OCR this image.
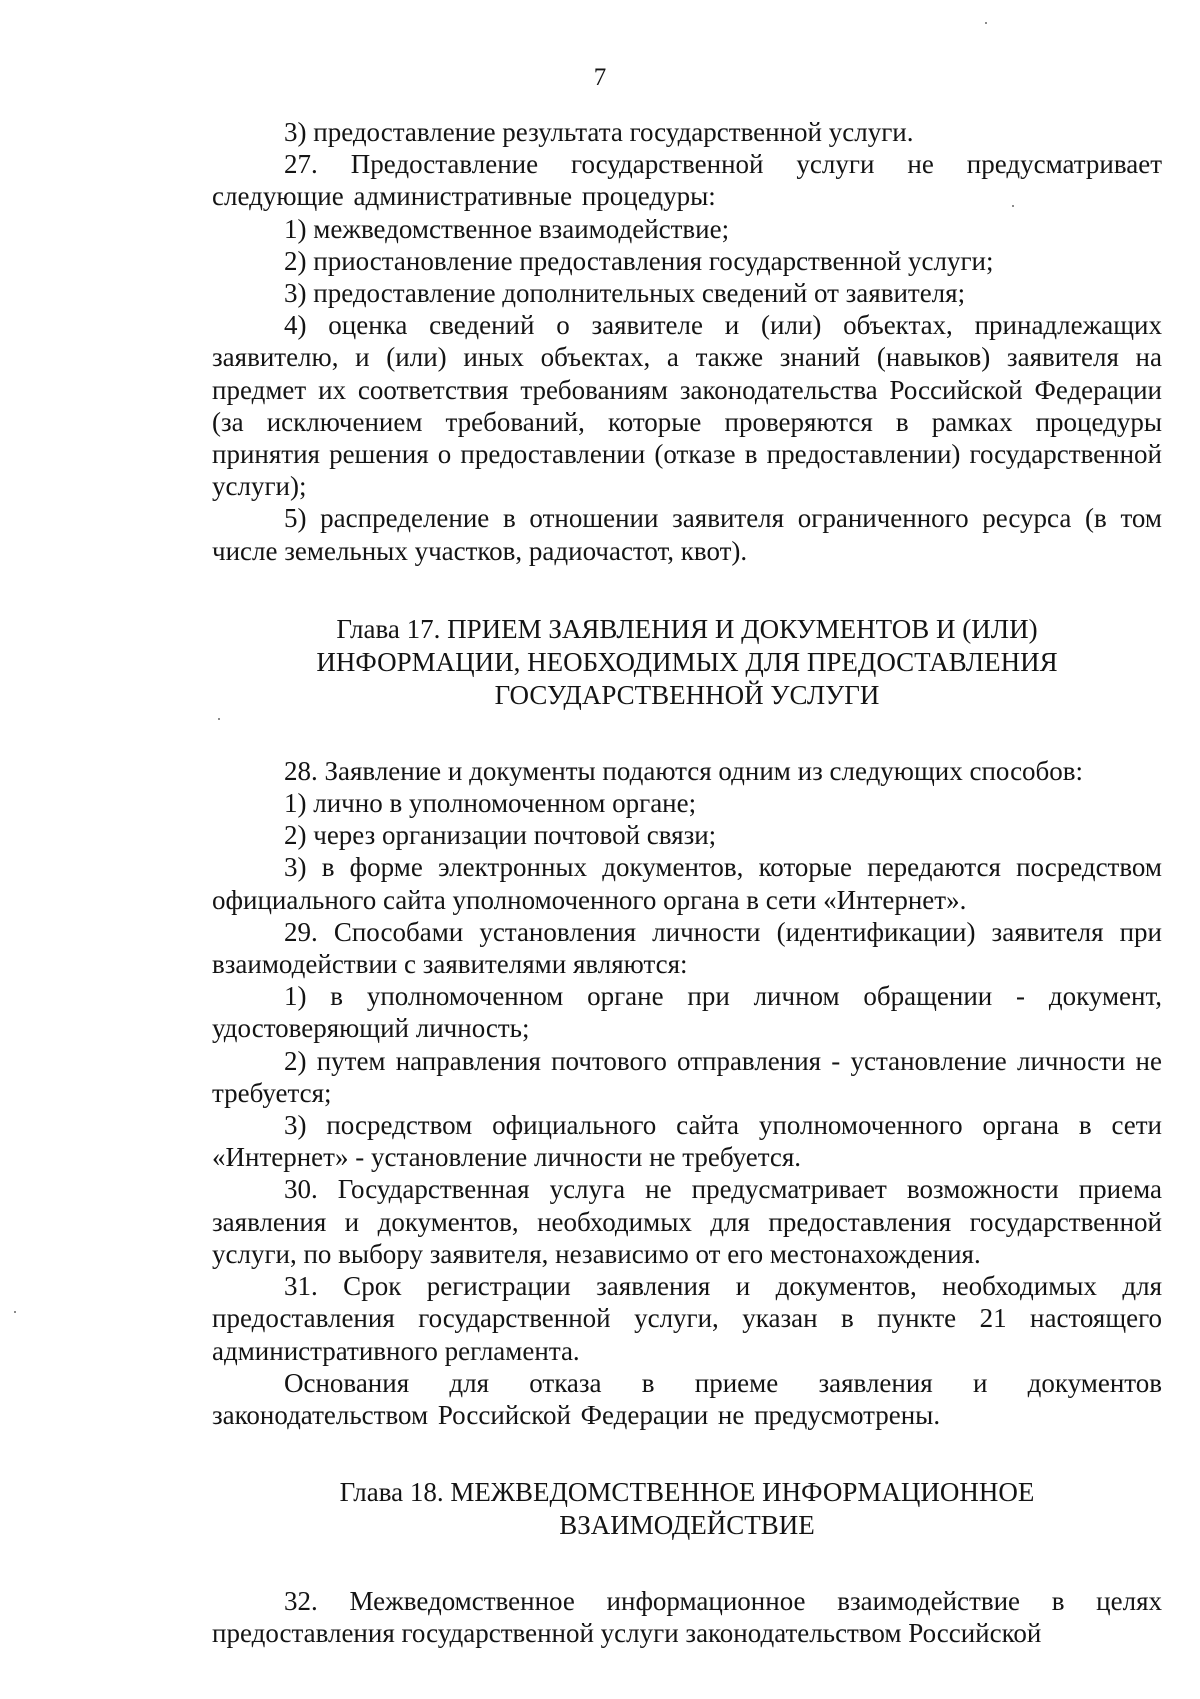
7

3) предоставление результата государственной услуги.

27. Предоставление государственной услуги не предусматривает следующие административные процедуры:

1) межведомственное взаимодействие;

2) приостановление предоставления государственной услуги;

3) предоставление дополнительных сведений от заявителя;

4) оценка сведений о заявителе и (или) объектах, принадлежащих заявителю, и (или) иных объектах, а также знаний (навыков) заявителя на предмет их соответствия требованиям законодательства Российской Федерации (за исключением требований, которые проверяются в рамках процедуры принятия решения о предоставлении (отказе в предоставлении) государственной услуги);

5) распределение в отношении заявителя ограниченного ресурса (в том числе земельных участков, радиочастот, квот).

Глава 17. ПРИЕМ ЗАЯВЛЕНИЯ И ДОКУМЕНТОВ И (ИЛИ)
ИНФОРМАЦИИ, НЕОБХОДИМЫХ ДЛЯ ПРЕДОСТАВЛЕНИЯ
ГОСУДАРСТВЕННОЙ УСЛУГИ

28. Заявление и документы подаются одним из следующих способов:

1) лично в уполномоченном органе;

2) через организации почтовой связи;

3) в форме электронных документов, которые передаются посредством официального сайта уполномоченного органа в сети «Интернет».

29. Способами установления личности (идентификации) заявителя при взаимодействии с заявителями являются:

1) в уполномоченном органе при личном обращении - документ, удостоверяющий личность;

2) путем направления почтового отправления - установление личности не требуется;

3) посредством официального сайта уполномоченного органа в сети «Интернет» - установление личности не требуется.

30. Государственная услуга не предусматривает возможности приема заявления и документов, необходимых для предоставления государственной услуги, по выбору заявителя, независимо от его местонахождения.

31. Срок регистрации заявления и документов, необходимых для предоставления государственной услуги, указан в пункте 21 настоящего административного регламента.

Основания для отказа в приеме заявления и документов законодательством Российской Федерации не предусмотрены.

Глава 18. МЕЖВЕДОМСТВЕННОЕ ИНФОРМАЦИОННОЕ
ВЗАИМОДЕЙСТВИЕ

32. Межведомственное информационное взаимодействие в целях предоставления государственной услуги законодательством Российской
